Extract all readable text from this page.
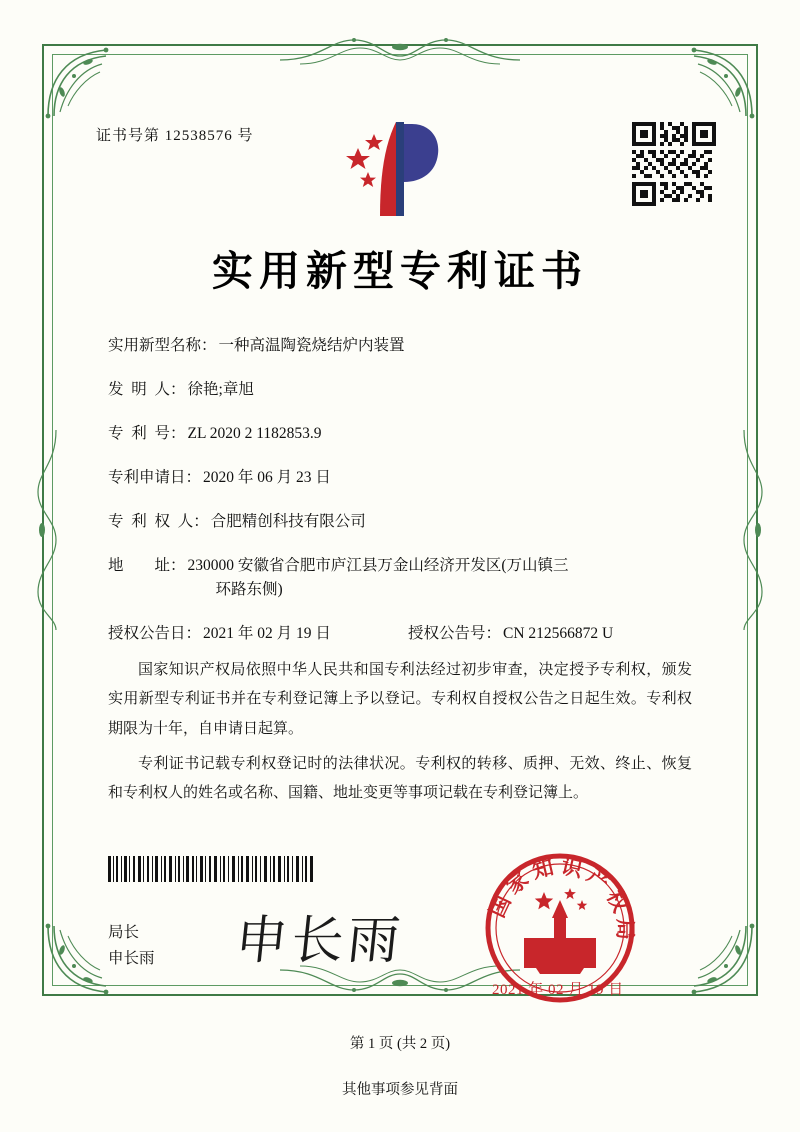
证书号第 12538576 号
实用新型专利证书
实用新型名称： 一种高温陶瓷烧结炉内装置
发  明  人： 徐艳;章旭
专  利  号： ZL 2020 2 1182853.9
专利申请日： 2020 年 06 月 23 日
专  利  权  人： 合肥精创科技有限公司
地        址： 230000 安徽省合肥市庐江县万金山经济开发区(万山镇三
环路东侧)
授权公告日： 2021 年 02 月 19 日	授权公告号： CN 212566872 U

国家知识产权局依照中华人民共和国专利法经过初步审查，决定授予专利权，颁发实用新型专利证书并在专利登记簿上予以登记。专利权自授权公告之日起生效。专利权期限为十年，自申请日起算。

专利证书记载专利权登记时的法律状况。专利权的转移、质押、无效、终止、恢复和专利权人的姓名或名称、国籍、地址变更等事项记载在专利登记簿上。

局长
申长雨 申长雨
国家知识产权局
2021 年 02 月 19 日
第 1 页 (共 2 页)
其他事项参见背面
